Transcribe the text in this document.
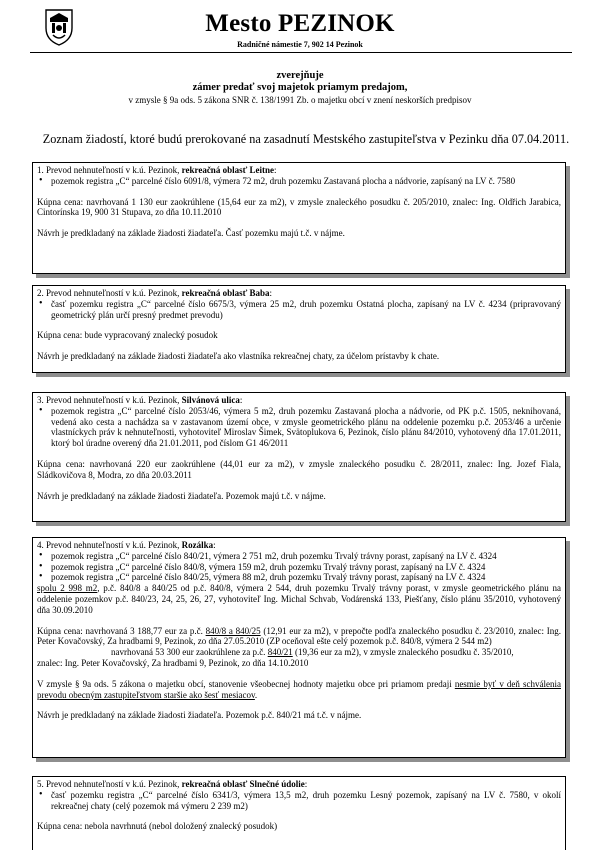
Mesto PEZINOK
Radničné námestie 7, 902 14 Pezinok
zverejňuje
zámer predať svoj majetok priamym predajom,
v zmysle § 9a ods. 5 zákona SNR č. 138/1991 Zb. o majetku obcí v znení neskorších predpisov
Zoznam žiadostí, ktoré budú prerokované na zasadnutí Mestského zastupiteľstva v Pezinku dňa 07.04.2011.

1. Prevod nehnuteľností v k.ú. Pezinok, rekreačná oblasť Leitne:

• pozemok registra „C“ parcelné číslo 6091/8, výmera 72 m2, druh pozemku Zastavaná plocha a nádvorie, zapísaný na LV č. 7580

Kúpna cena: navrhovaná 1 130 eur zaokrúhlene (15,64 eur za m2), v zmysle znaleckého posudku č. 205/2010, znalec: Ing. Oldřich Jarabica, Cintorínska 19, 900 31 Stupava, zo dňa 10.11.2010

Návrh je predkladaný na základe žiadosti žiadateľa. Časť pozemku majú t.č. v nájme.

2. Prevod nehnuteľností v k.ú. Pezinok, rekreačná oblasť Baba:

• časť pozemku registra „C“ parcelné číslo 6675/3, výmera 25 m2, druh pozemku Ostatná plocha, zapísaný na LV č. 4234 (pripravovaný geometrický plán určí presný predmet prevodu)

Kúpna cena: bude vypracovaný znalecký posudok

Návrh je predkladaný na základe žiadosti žiadateľa ako vlastníka rekreačnej chaty, za účelom prístavby k chate.

3. Prevod nehnuteľností v k.ú. Pezinok, Silvánová ulica:

• pozemok registra „C“ parcelné číslo 2053/46, výmera 5 m2, druh pozemku Zastavaná plocha a nádvorie, od PK p.č. 1505, neknihovaná, vedená ako cesta a nachádza sa v zastavanom území obce, v zmysle geometrického plánu na oddelenie pozemku p.č. 2053/46 a určenie vlastníckych práv k nehnuteľnosti, vyhotoviteľ Miroslav Šimek, Svätoplukova 6, Pezinok, číslo plánu 84/2010, vyhotovený dňa 17.01.2011, ktorý bol úradne overený dňa 21.01.2011, pod číslom G1 46/2011

Kúpna cena: navrhovaná 220 eur zaokrúhlene (44,01 eur za m2), v zmysle znaleckého posudku č. 28/2011, znalec: Ing. Jozef Fiala, Sládkovičova 8, Modra, zo dňa 20.03.2011

Návrh je predkladaný na základe žiadosti žiadateľa. Pozemok majú t.č. v nájme.

4. Prevod nehnuteľností v k.ú. Pezinok, Rozálka:

• pozemok registra „C“ parcelné číslo 840/21, výmera 2 751 m2, druh pozemku Trvalý trávny porast, zapísaný na LV č. 4324
• pozemok registra „C“ parcelné číslo 840/8, výmera 159 m2, druh pozemku Trvalý trávny porast, zapísaný na LV č. 4324
• pozemok registra „C“ parcelné číslo 840/25, výmera 88 m2, druh pozemku Trvalý trávny porast, zapísaný na LV č. 4324

spolu 2 998 m2, p.č. 840/8 a 840/25 od p.č. 840/8, výmera 2 544, druh pozemku Trvalý trávny porast, v zmysle geometrického plánu na oddelenie pozemkov p.č. 840/23, 24, 25, 26, 27, vyhotoviteľ Ing. Michal Schvab, Vodárenská 133, Piešťany, číslo plánu 35/2010, vyhotovený dňa 30.09.2010

Kúpna cena: navrhovaná 3 188,77 eur za p.č. 840/8 a 840/25 (12,91 eur za m2), v prepočte podľa znaleckého posudku č. 23/2010, znalec: Ing. Peter Kovačovský, Za hradbami 9, Pezinok, zo dňa 27.05.2010 (ZP oceňoval ešte celý pozemok p.č. 840/8, výmera 2 544 m2)

navrhovaná 53 300 eur zaokrúhlene za p.č. 840/21 (19,36 eur za m2), v zmysle znaleckého posudku č. 35/2010,

znalec: Ing. Peter Kovačovský, Za hradbami 9, Pezinok, zo dňa 14.10.2010

V zmysle § 9a ods. 5 zákona o majetku obcí, stanovenie všeobecnej hodnoty majetku obce pri priamom predaji nesmie byť v deň schválenia prevodu obecným zastupiteľstvom staršie ako šesť mesiacov.

Návrh je predkladaný na základe žiadosti žiadateľa. Pozemok p.č. 840/21 má t.č. v nájme.

5. Prevod nehnuteľností v k.ú. Pezinok, rekreačná oblasť Slnečné údolie:

• časť pozemku registra „C“ parcelné číslo 6341/3, výmera 13,5 m2, druh pozemku Lesný pozemok, zapísaný na LV č. 7580, v okolí rekreačnej chaty (celý pozemok má výmeru 2 239 m2)

Kúpna cena: nebola navrhnutá (nebol doložený znalecký posudok)
